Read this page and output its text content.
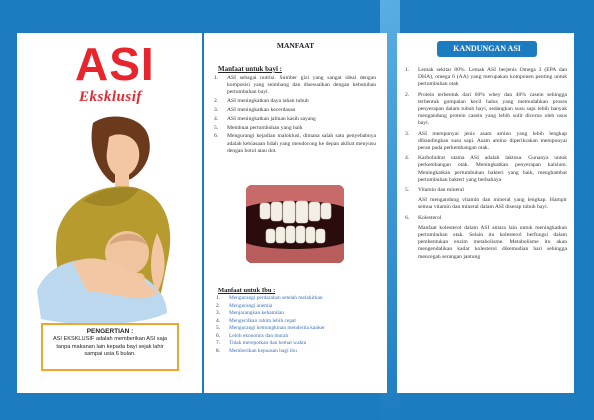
ASI
Eksklusif
PENGERTIAN :

ASI EKSKLUSIF adalah memberikan ASI saja tanpa makanan lain kepada bayi sejak lahir sampai usia 6 bulan.

MANFAAT
Manfaat untuk bayi :
1. ASI sebagai nutrisi. Sumber gizi yang sangat ideal dengan komposisi yang seimbang dan disesuaikan dengan kebutuhan pertumbuhan bayi.
2. ASI meningkatkan daya tahan tubuh
3. ASI meningkatkan kecerdasan
4. ASI meningkatkan jalinan kasih sayang
5. Membuat pertumbuhan yang baik
6. Mengurangi kejadian maloklusi, dimana salah satu penyebabnya adalah kebiasaan lidah yang mendorong ke depan akibat menyusu dengan botol atau dot.
Manfaat untuk Ibu :
1. Mengurangi perdarahan setelah melahirkan
2. Mengurangi anemia
3. Menjarangkan kehamilan
4. Mengecilkan rahim lebih cepat
5. Mengurangi kemungkinan menderita kanker
6. Lebih ekonomis dan murah
7. Tidak merepotkan dan hemat waktu
8. Memberikan kepuasan bagi ibu
KANDUNGAN ASI
1. Lemak sekitar 80%. Lemak ASI berjenis Omega 3 (EPA dan DHA), omega 6 (AA) yang merupakan komponen penting untuk pertumbuhan otak

2. Protein terbentuk dari 60% whey dan 40% casein sehingga terbentuk gumpalan kecil halus yang memudahkan proses penyerapan dalam tubuh bayi, sedangkan susu sapi lebih banyak mengandung protein casein yang lebih sulit dicerna oleh usus bayi.

3. ASI mempunyai jenis asam amino yang lebih lengkap dibandingkan susu sapi. Asam amino diperikrakan mempunyai peran pada perkembangan otak.

4. Karbohidrat utama ASI adalah laktosa. Gunanya untuk perkembangan otak. Meningkatkan penyerapan kalsium. Meningkatkan pertumbuhan bakteri yang baik, menghambat pertumbuhan bakteri yang berbahaya

5. Vitamin dan mineral

ASI mengandung vitamin dan mineral yang lengkap. Hampir semua vitamin dan mineral dalam ASI diserap tubuh bayi.

6. Kolesterol

Manfaat kolesterol dalam ASI antara lain untuk meningkatkan pertumbuhan otak. Selain itu kolesterol berfungsi dalam pembentukan enzim metabolisme. Metabolisme itu akan mengendalikan kadar kolesterol dikemudian hari sehingga mencegah serangan jantung
